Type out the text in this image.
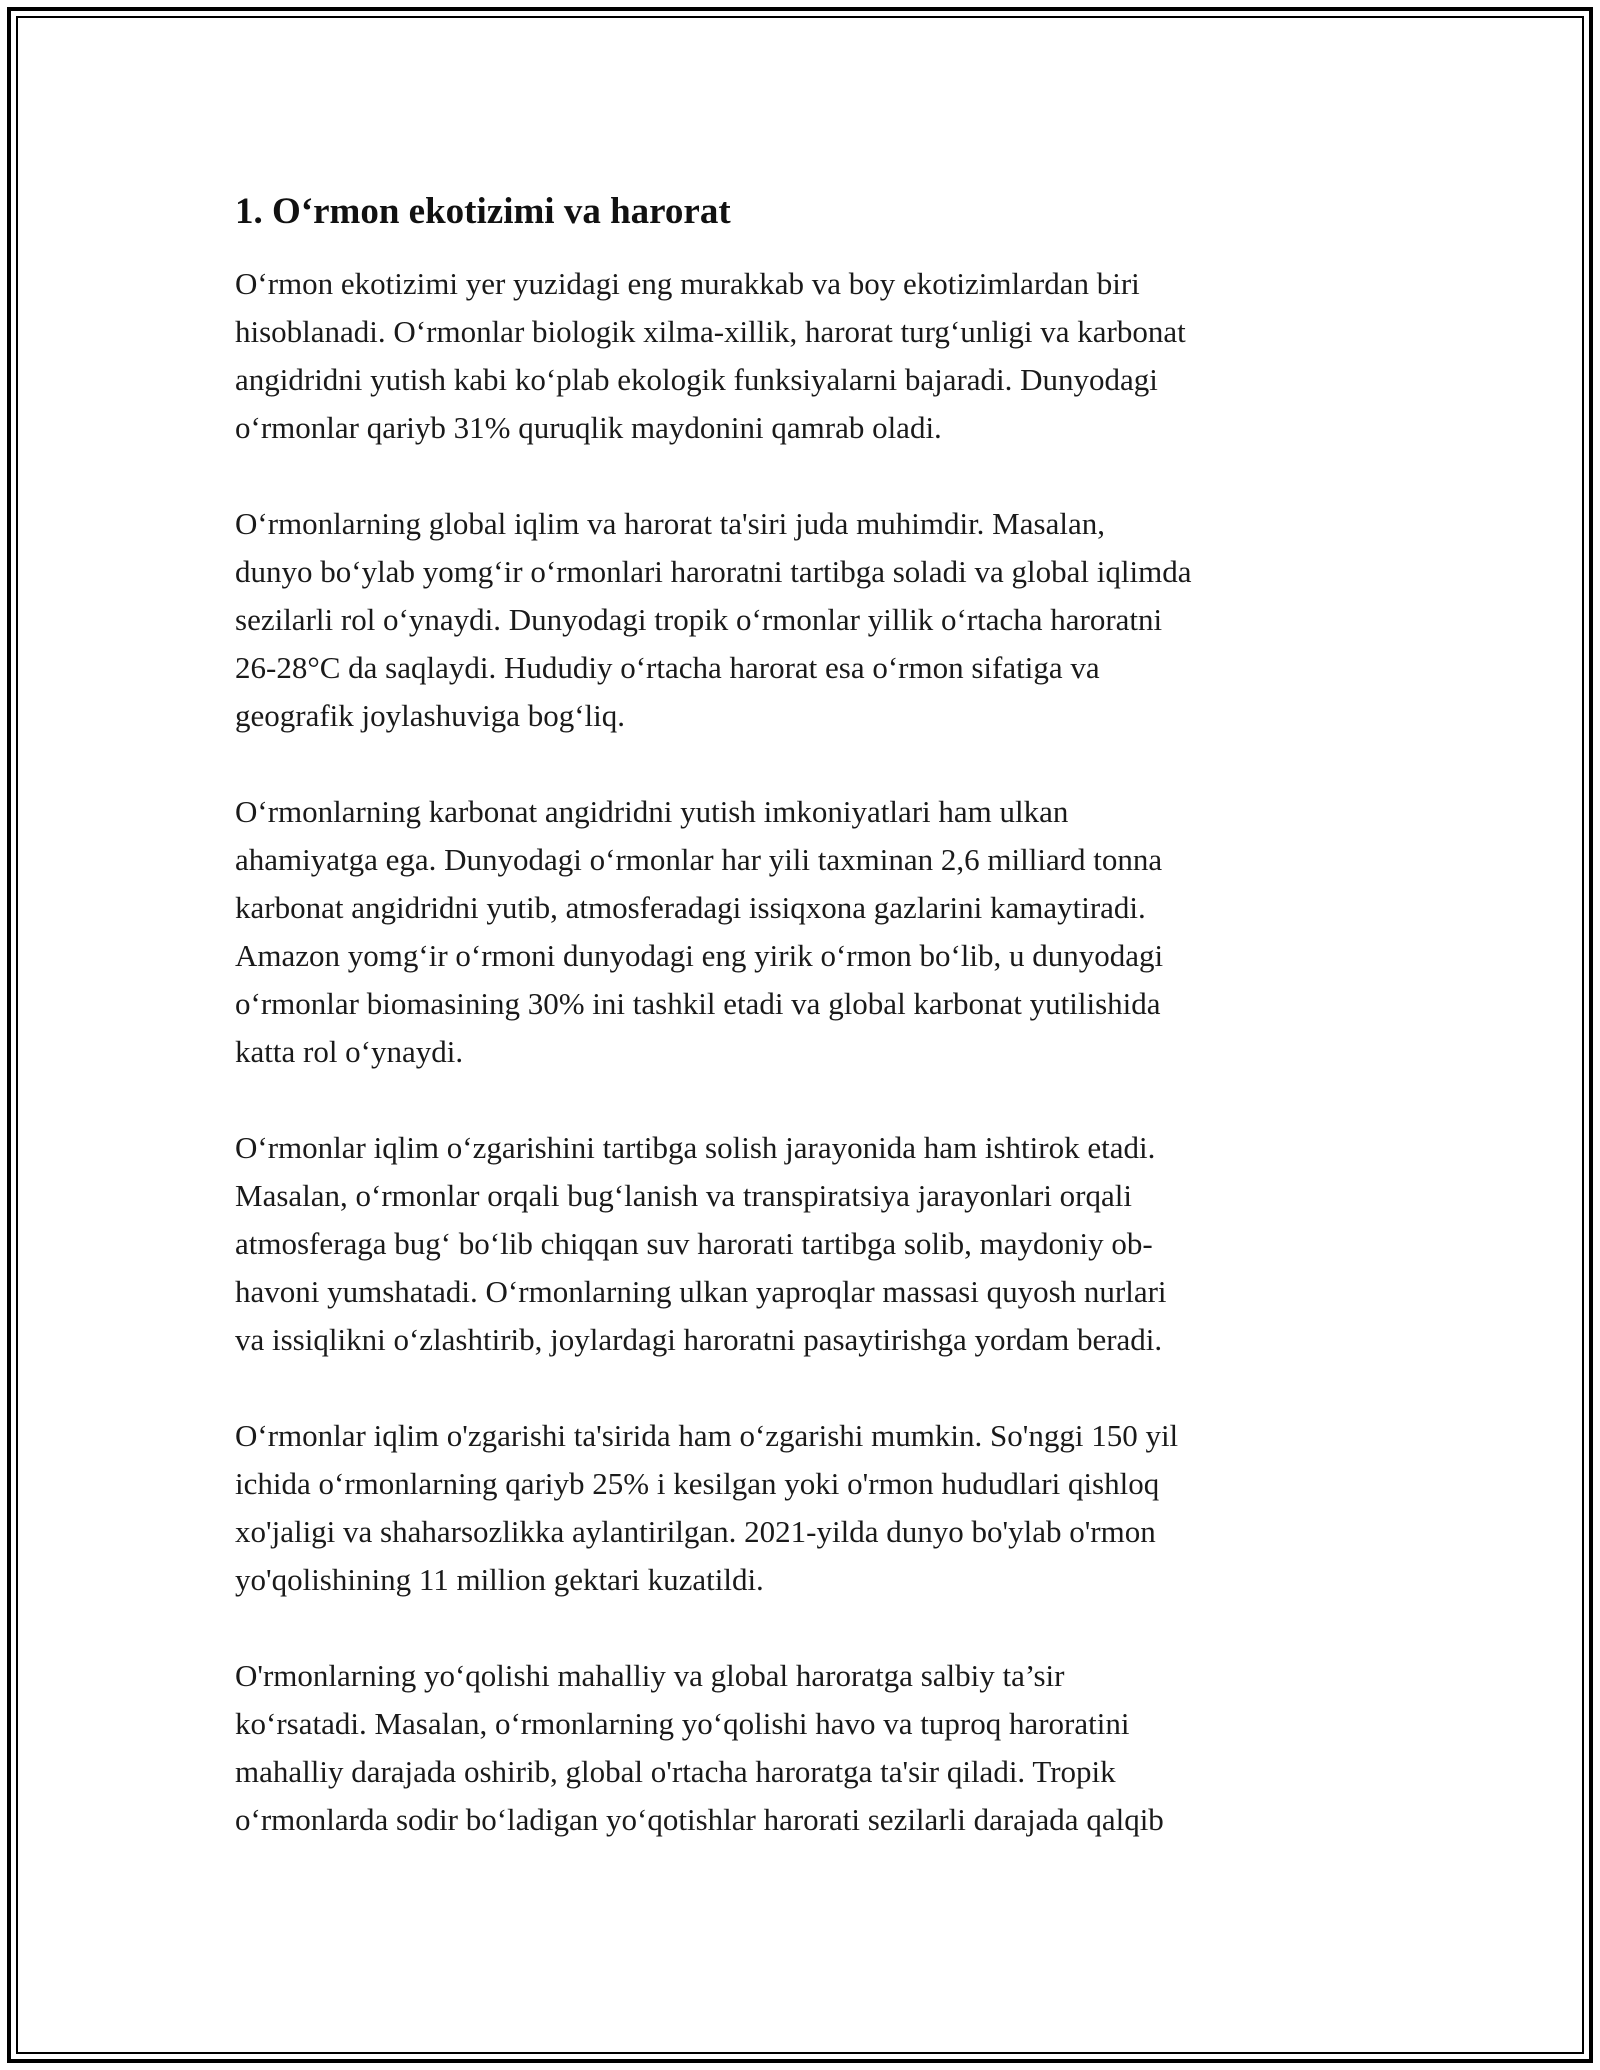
1. O‘rmon ekotizimi va harorat

O‘rmon ekotizimi yer yuzidagi eng murakkab va boy ekotizimlardan biri
hisoblanadi. O‘rmonlar biologik xilma-xillik, harorat turg‘unligi va karbonat
angidridni yutish kabi ko‘plab ekologik funksiyalarni bajaradi. Dunyodagi
o‘rmonlar qariyb 31% quruqlik maydonini qamrab oladi.

O‘rmonlarning global iqlim va harorat ta'siri juda muhimdir. Masalan,
dunyo bo‘ylab yomg‘ir o‘rmonlari haroratni tartibga soladi va global iqlimda
sezilarli rol o‘ynaydi. Dunyodagi tropik o‘rmonlar yillik o‘rtacha haroratni
26-28°C da saqlaydi. Hududiy o‘rtacha harorat esa o‘rmon sifatiga va
geografik joylashuviga bog‘liq.

O‘rmonlarning karbonat angidridni yutish imkoniyatlari ham ulkan
ahamiyatga ega. Dunyodagi o‘rmonlar har yili taxminan 2,6 milliard tonna
karbonat angidridni yutib, atmosferadagi issiqxona gazlarini kamaytiradi.
Amazon yomg‘ir o‘rmoni dunyodagi eng yirik o‘rmon bo‘lib, u dunyodagi
o‘rmonlar biomasining 30% ini tashkil etadi va global karbonat yutilishida
katta rol o‘ynaydi.

O‘rmonlar iqlim o‘zgarishini tartibga solish jarayonida ham ishtirok etadi.
Masalan, o‘rmonlar orqali bug‘lanish va transpiratsiya jarayonlari orqali
atmosferaga bug‘ bo‘lib chiqqan suv harorati tartibga solib, maydoniy ob-
havoni yumshatadi. O‘rmonlarning ulkan yaproqlar massasi quyosh nurlari
va issiqlikni o‘zlashtirib, joylardagi haroratni pasaytirishga yordam beradi.

O‘rmonlar iqlim o'zgarishi ta'sirida ham o‘zgarishi mumkin. So'nggi 150 yil
ichida o‘rmonlarning qariyb 25% i kesilgan yoki o'rmon hududlari qishloq
xo'jaligi va shaharsozlikka aylantirilgan. 2021-yilda dunyo bo'ylab o'rmon
yo'qolishining 11 million gektari kuzatildi.

O'rmonlarning yo‘qolishi mahalliy va global haroratga salbiy ta’sir
ko‘rsatadi. Masalan, o‘rmonlarning yo‘qolishi havo va tuproq haroratini
mahalliy darajada oshirib, global o'rtacha haroratga ta'sir qiladi. Tropik
o‘rmonlarda sodir bo‘ladigan yo‘qotishlar harorati sezilarli darajada qalqib
